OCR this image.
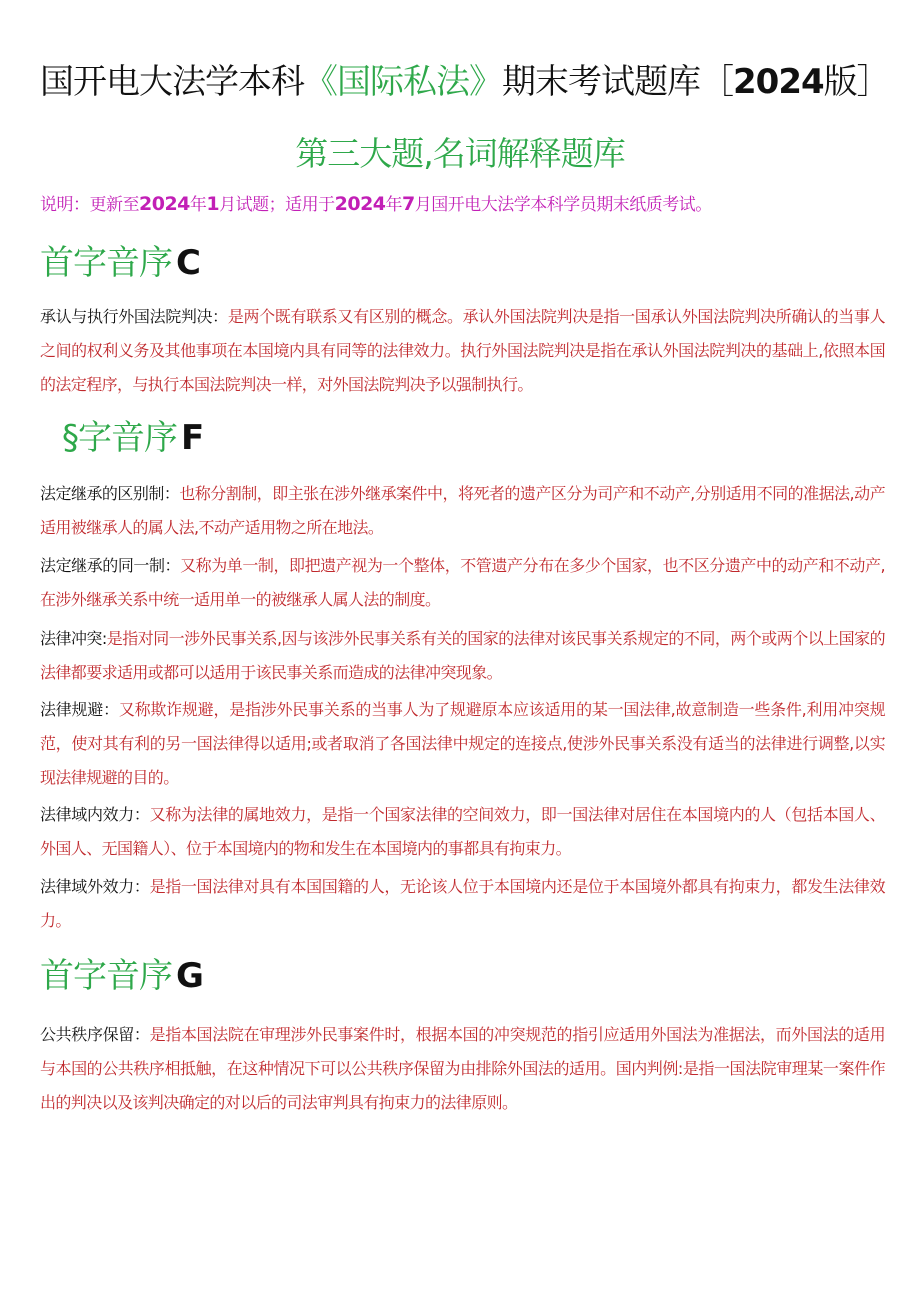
国开电大法学本科《国际私法》期末考试题库［2024版］
第三大题,名词解释题库
说明：更新至2024年1月试题；适用于2024年7月国开电大法学本科学员期末纸质考试。
首字音序 C
承认与执行外国法院判决：是两个既有联系又有区别的概念。承认外国法院判决是指一国承认外国法院判决所确认的当事人之间的权利义务及其他事项在本国境内具有同等的法律效力。执行外国法院判决是指在承认外国法院判决的基础上,依照本国的法定程序，与执行本国法院判决一样，对外国法院判决予以强制执行。
§字音序 F
法定继承的区别制：也称分割制，即主张在涉外继承案件中，将死者的遗产区分为司产和不动产,分别适用不同的准据法,动产适用被继承人的属人法,不动产适用物之所在地法。
法定继承的同一制：又称为单一制，即把遗产视为一个整体，不管遗产分布在多少个国家，也不区分遗产中的动产和不动产,在涉外继承关系中统一适用单一的被继承人属人法的制度。
法律冲突:是指对同一涉外民事关系,因与该涉外民事关系有关的国家的法律对该民事关系规定的不同，两个或两个以上国家的法律都要求适用或都可以适用于该民事关系而造成的法律冲突现象。
法律规避：又称欺诈规避，是指涉外民事关系的当事人为了规避原本应该适用的某一国法律,故意制造一些条件,利用冲突规范，使对其有利的另一国法律得以适用;或者取消了各国法律中规定的连接点,使涉外民事关系没有适当的法律进行调整,以实现法律规避的目的。
法律域内效力：又称为法律的属地效力，是指一个国家法律的空间效力，即一国法律对居住在本国境内的人（包括本国人、外国人、无国籍人）、位于本国境内的物和发生在本国境内的事都具有拘束力。
法律域外效力：是指一国法律对具有本国国籍的人，无论该人位于本国境内还是位于本国境外都具有拘束力，都发生法律效力。
首字音序 G
公共秩序保留：是指本国法院在审理涉外民事案件时，根据本国的冲突规范的指引应适用外国法为准据法，而外国法的适用与本国的公共秩序相抵触，在这种情况下可以公共秩序保留为由排除外国法的适用。国内判例:是指一国法院审理某一案件作出的判决以及该判决确定的对以后的司法审判具有拘束力的法律原则。
